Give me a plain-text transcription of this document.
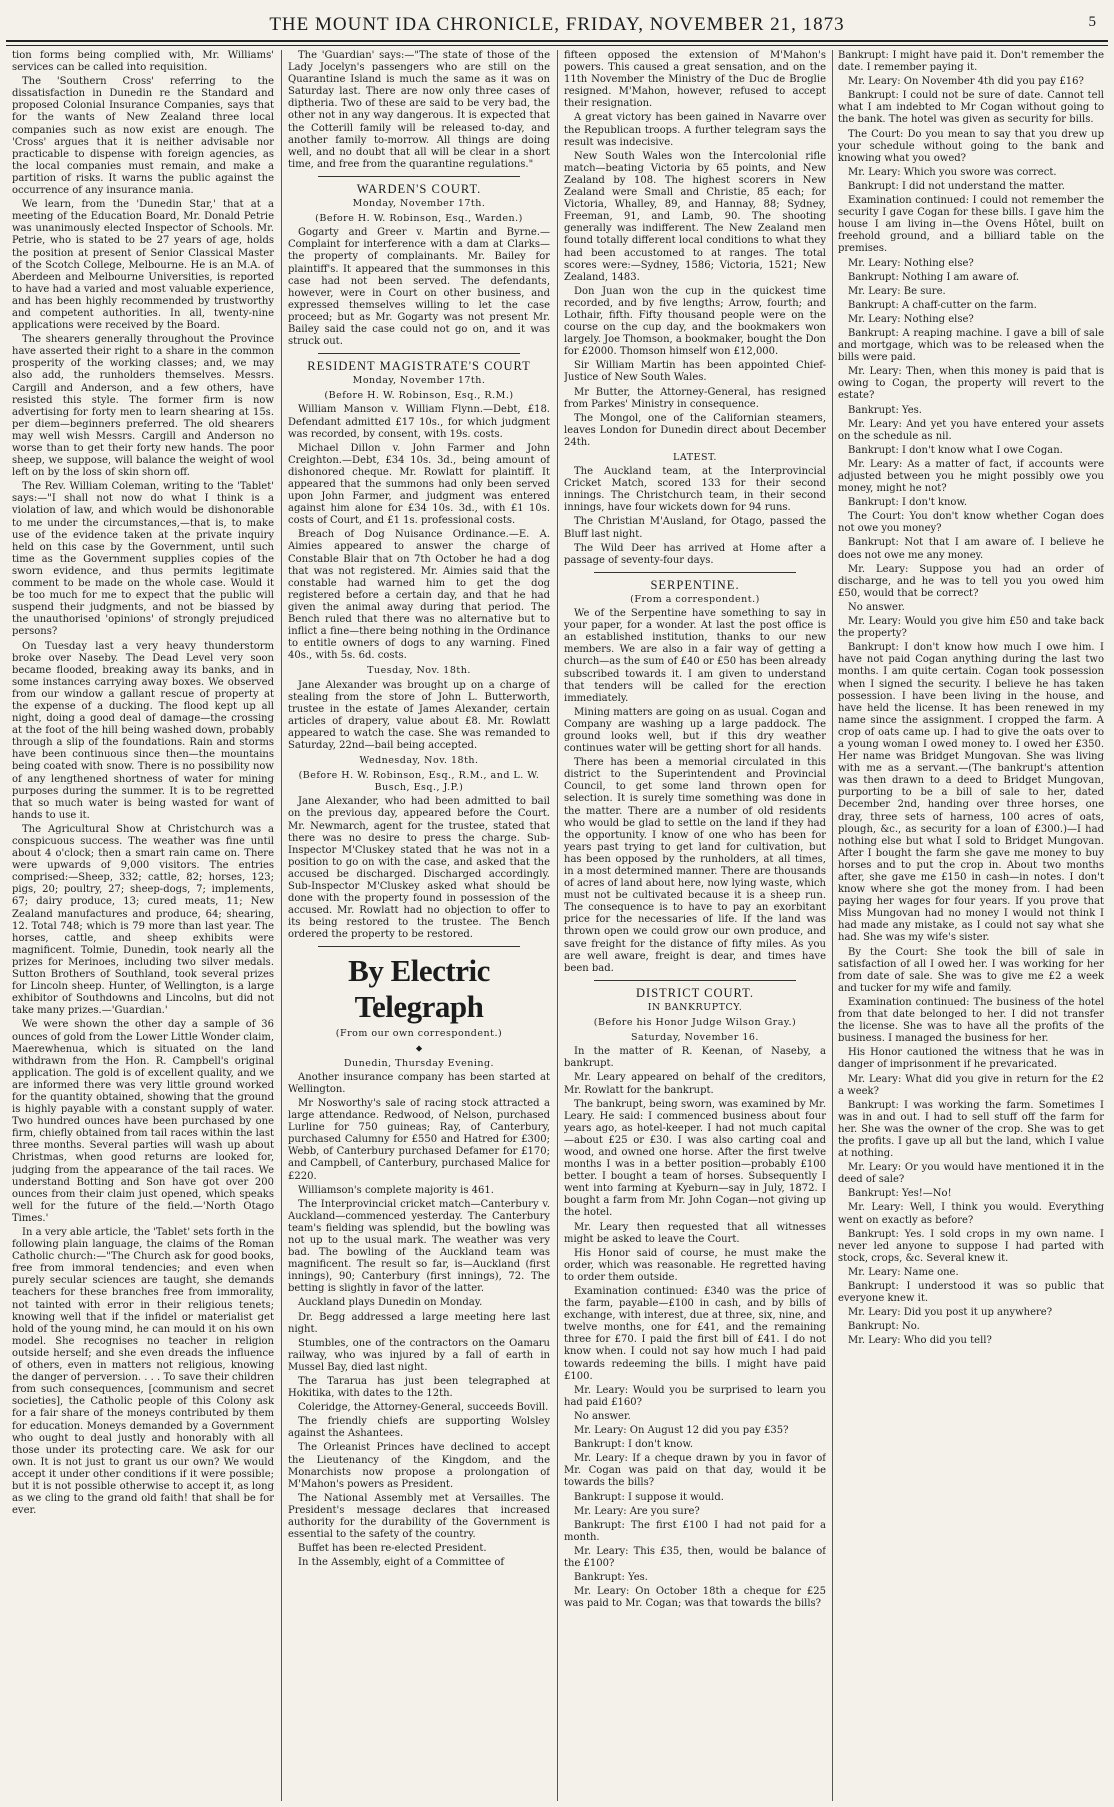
THE MOUNT IDA CHRONICLE, FRIDAY, NOVEMBER 21, 1873	5

tion forms being complied with, Mr. Williams' services can be called into requisition.

The 'Southern Cross' referring to the dissatisfaction in Dunedin re the Standard and proposed Colonial Insurance Companies, says that for the wants of New Zealand three local companies such as now exist are enough. The 'Cross' argues that it is neither advisable nor practicable to dispense with foreign agencies, as the local companies must remain, and make a partition of risks. It warns the public against the occurrence of any insurance mania.

We learn, from the 'Dunedin Star,' that at a meeting of the Education Board, Mr. Donald Petrie was unanimously elected Inspector of Schools. Mr. Petrie, who is stated to be 27 years of age, holds the position at present of Senior Classical Master of the Scotch College, Melbourne. He is an M.A. of Aberdeen and Melbourne Universities, is reported to have had a varied and most valuable experience, and has been highly recommended by trustworthy and competent authorities. In all, twenty-nine applications were received by the Board.

The shearers generally throughout the Province have asserted their right to a share in the common prosperity of the working classes; and, we may also add, the runholders themselves. Messrs. Cargill and Anderson, and a few others, have resisted this style. The former firm is now advertising for forty men to learn shearing at 15s. per diem—beginners preferred. The old shearers may well wish Messrs. Cargill and Anderson no worse than to get their forty new hands. The poor sheep, we suppose, will balance the weight of wool left on by the loss of skin shorn off.

The Rev. William Coleman, writing to the 'Tablet' says:—"I shall not now do what I think is a violation of law, and which would be dishonorable to me under the circumstances,—that is, to make use of the evidence taken at the private inquiry held on this case by the Government, until such time as the Government supplies copies of the sworn evidence, and thus permits legitimate comment to be made on the whole case. Would it be too much for me to expect that the public will suspend their judgments, and not be biassed by the unauthorised 'opinions' of strongly prejudiced persons?

On Tuesday last a very heavy thunderstorm broke over Naseby. The Dead Level very soon became flooded, breaking away its banks, and in some instances carrying away boxes. We observed from our window a gallant rescue of property at the expense of a ducking. The flood kept up all night, doing a good deal of damage—the crossing at the foot of the hill being washed down, probably through a slip of the foundations. Rain and storms have been continuous since then—the mountains being coated with snow. There is no possibility now of any lengthened shortness of water for mining purposes during the summer. It is to be regretted that so much water is being wasted for want of hands to use it.

The Agricultural Show at Christchurch was a conspicuous success. The weather was fine until about 4 o'clock; then a smart rain came on. There were upwards of 9,000 visitors. The entries comprised:—Sheep, 332; cattle, 82; horses, 123; pigs, 20; poultry, 27; sheep-dogs, 7; implements, 67; dairy produce, 13; cured meats, 11; New Zealand manufactures and produce, 64; shearing, 12. Total 748; which is 79 more than last year. The horses, cattle, and sheep exhibits were magnificent. Tolmie, Dunedin, took nearly all the prizes for Merinoes, including two silver medals. Sutton Brothers of Southland, took several prizes for Lincoln sheep. Hunter, of Wellington, is a large exhibitor of Southdowns and Lincolns, but did not take many prizes.—'Guardian.'

We were shown the other day a sample of 36 ounces of gold from the Lower Little Wonder claim, Maerewhenua, which is situated on the land withdrawn from the Hon. R. Campbell's original application. The gold is of excellent quality, and we are informed there was very little ground worked for the quantity obtained, showing that the ground is highly payable with a constant supply of water. Two hundred ounces have been purchased by one firm, chiefly obtained from tail races within the last three months. Several parties will wash up about Christmas, when good returns are looked for, judging from the appearance of the tail races. We understand Botting and Son have got over 200 ounces from their claim just opened, which speaks well for the future of the field.—'North Otago Times.'

In a very able article, the 'Tablet' sets forth in the following plain language, the claims of the Roman Catholic church:—"The Church ask for good books, free from immoral tendencies; and even when purely secular sciences are taught, she demands teachers for these branches free from immorality, not tainted with error in their religious tenets; knowing well that if the infidel or materialist get hold of the young mind, he can mould it on his own model. She recognises no teacher in religion outside herself; and she even dreads the influence of others, even in matters not religious, knowing the danger of perversion. . . . To save their children from such consequences, [communism and secret societies], the Catholic people of this Colony ask for a fair share of the moneys contributed by them for education. Moneys demanded by a Government who ought to deal justly and honorably with all those under its protecting care. We ask for our own. It is not just to grant us our own? We would accept it under other conditions if it were possible; but it is not possible otherwise to accept it, as long as we cling to the grand old faith! that shall be for ever.

The 'Guardian' says:—"The state of those of the Lady Jocelyn's passengers who are still on the Quarantine Island is much the same as it was on Saturday last. There are now only three cases of diptheria. Two of these are said to be very bad, the other not in any way dangerous. It is expected that the Cotterill family will be released to-day, and another family to-morrow. All things are doing well, and no doubt that all will be clear in a short time, and free from the quarantine regulations."

WARDEN'S COURT.
Monday, November 17th.
(Before H. W. Robinson, Esq., Warden.)

Gogarty and Greer v. Martin and Byrne.—Complaint for interference with a dam at Clarks—the property of complainants. Mr. Bailey for plaintiff's. It appeared that the summonses in this case had not been served. The defendants, however, were in Court on other business, and expressed themselves willing to let the case proceed; but as Mr. Gogarty was not present Mr. Bailey said the case could not go on, and it was struck out.

RESIDENT MAGISTRATE'S COURT
Monday, November 17th.
(Before H. W. Robinson, Esq., R.M.)

William Manson v. William Flynn.—Debt, £18. Defendant admitted £17 10s., for which judgment was recorded, by consent, with 19s. costs.

Michael Dillon v. John Farmer and John Creighton.—Debt, £34 10s. 3d., being amount of dishonored cheque. Mr. Rowlatt for plaintiff. It appeared that the summons had only been served upon John Farmer, and judgment was entered against him alone for £34 10s. 3d., with £1 10s. costs of Court, and £1 1s. professional costs.

Breach of Dog Nuisance Ordinance.—E. A. Aimies appeared to answer the charge of Constable Blair that on 7th October he had a dog that was not registered. Mr. Aimies said that the constable had warned him to get the dog registered before a certain day, and that he had given the animal away during that period. The Bench ruled that there was no alternative but to inflict a fine—there being nothing in the Ordinance to entitle owners of dogs to any warning. Fined 40s., with 5s. 6d. costs.

Tuesday, Nov. 18th.

Jane Alexander was brought up on a charge of stealing from the store of John L. Butterworth, trustee in the estate of James Alexander, certain articles of drapery, value about £8. Mr. Rowlatt appeared to watch the case. She was remanded to Saturday, 22nd—bail being accepted.

Wednesday, Nov. 18th.
(Before H. W. Robinson, Esq., R.M., and L. W. Busch, Esq., J.P.)

Jane Alexander, who had been admitted to bail on the previous day, appeared before the Court. Mr. Newmarch, agent for the trustee, stated that there was no desire to press the charge. Sub-Inspector M'Cluskey stated that he was not in a position to go on with the case, and asked that the accused be discharged. Discharged accordingly. Sub-Inspector M'Cluskey asked what should be done with the property found in possession of the accused. Mr. Rowlatt had no objection to offer to its being restored to the trustee. The Bench ordered the property to be restored.

By Electric Telegraph
(From our own correspondent.)
⬥
Dunedin, Thursday Evening.

Another insurance company has been started at Wellington.

Mr Nosworthy's sale of racing stock attracted a large attendance. Redwood, of Nelson, purchased Lurline for 750 guineas; Ray, of Canterbury, purchased Calumny for £550 and Hatred for £300; Webb, of Canterbury purchased Defamer for £170; and Campbell, of Canterbury, purchased Malice for £220.

Williamson's complete majority is 461.

The Interprovincial cricket match—Canterbury v. Auckland—commenced yesterday. The Canterbury team's fielding was splendid, but the bowling was not up to the usual mark. The weather was very bad. The bowling of the Auckland team was magnificent. The result so far, is—Auckland (first innings), 90; Canterbury (first innings), 72. The betting is slightly in favor of the latter.

Auckland plays Dunedin on Monday.

Dr. Begg addressed a large meeting here last night.

Stumbles, one of the contractors on the Oamaru railway, who was injured by a fall of earth in Mussel Bay, died last night.

The Tararua has just been telegraphed at Hokitika, with dates to the 12th.

Coleridge, the Attorney-General, succeeds Bovill.

The friendly chiefs are supporting Wolsley against the Ashantees.

The Orleanist Princes have declined to accept the Lieutenancy of the Kingdom, and the Monarchists now propose a prolongation of M'Mahon's powers as President.

The National Assembly met at Versailles. The President's message declares that increased authority for the durability of the Government is essential to the safety of the country.

Buffet has been re-elected President.

In the Assembly, eight of a Committee of

fifteen opposed the extension of M'Mahon's powers. This caused a great sensation, and on the 11th November the Ministry of the Duc de Broglie resigned. M'Mahon, however, refused to accept their resignation.

A great victory has been gained in Navarre over the Republican troops. A further telegram says the result was indecisive.

New South Wales won the Intercolonial rifle match—beating Victoria by 65 points, and New Zealand by 108. The highest scorers in New Zealand were Small and Christie, 85 each; for Victoria, Whalley, 89, and Hannay, 88; Sydney, Freeman, 91, and Lamb, 90. The shooting generally was indifferent. The New Zealand men found totally different local conditions to what they had been accustomed to at ranges. The total scores were:—Sydney, 1586; Victoria, 1521; New Zealand, 1483.

Don Juan won the cup in the quickest time recorded, and by five lengths; Arrow, fourth; and Lothair, fifth. Fifty thousand people were on the course on the cup day, and the bookmakers won largely. Joe Thomson, a bookmaker, bought the Don for £2000. Thomson himself won £12,000.

Sir William Martin has been appointed Chief-Justice of New South Wales.

Mr Butter, the Attorney-General, has resigned from Parkes' Ministry in consequence.

The Mongol, one of the Californian steamers, leaves London for Dunedin direct about December 24th.

LATEST.

The Auckland team, at the Interprovincial Cricket Match, scored 133 for their second innings. The Christchurch team, in their second innings, have four wickets down for 94 runs.

The Christian M'Ausland, for Otago, passed the Bluff last night.

The Wild Deer has arrived at Home after a passage of seventy-four days.

SERPENTINE.
(From a correspondent.)

We of the Serpentine have something to say in your paper, for a wonder. At last the post office is an established institution, thanks to our new members. We are also in a fair way of getting a church—as the sum of £40 or £50 has been already subscribed towards it. I am given to understand that tenders will be called for the erection immediately.

Mining matters are going on as usual. Cogan and Company are washing up a large paddock. The ground looks well, but if this dry weather continues water will be getting short for all hands.

There has been a memorial circulated in this district to the Superintendent and Provincial Council, to get some land thrown open for selection. It is surely time something was done in the matter. There are a number of old residents who would be glad to settle on the land if they had the opportunity. I know of one who has been for years past trying to get land for cultivation, but has been opposed by the runholders, at all times, in a most determined manner. There are thousands of acres of land about here, now lying waste, which must not be cultivated because it is a sheep run. The consequence is to have to pay an exorbitant price for the necessaries of life. If the land was thrown open we could grow our own produce, and save freight for the distance of fifty miles. As you are well aware, freight is dear, and times have been bad.

DISTRICT COURT.
IN BANKRUPTCY.
(Before his Honor Judge Wilson Gray.)
Saturday, November 16.

In the matter of R. Keenan, of Naseby, a bankrupt.

Mr. Leary appeared on behalf of the creditors, Mr. Rowlatt for the bankrupt.

The bankrupt, being sworn, was examined by Mr. Leary. He said: I commenced business about four years ago, as hotel-keeper. I had not much capital—about £25 or £30. I was also carting coal and wood, and owned one horse. After the first twelve months I was in a better position—probably £100 better. I bought a team of horses. Subsequently I went into farming at Kyeburn—say in July, 1872. I bought a farm from Mr. John Cogan—not giving up the hotel.

Mr. Leary then requested that all witnesses might be asked to leave the Court.

His Honor said of course, he must make the order, which was reasonable. He regretted having to order them outside.

Examination continued: £340 was the price of the farm, payable—£100 in cash, and by bills of exchange, with interest, due at three, six, nine, and twelve months, one for £41, and the remaining three for £70. I paid the first bill of £41. I do not know when. I could not say how much I had paid towards redeeming the bills. I might have paid £100.

Mr. Leary: Would you be surprised to learn you had paid £160?

No answer.

Mr. Leary: On August 12 did you pay £35?

Bankrupt: I don't know.

Mr. Leary: If a cheque drawn by you in favor of Mr. Cogan was paid on that day, would it be towards the bills?

Bankrupt: I suppose it would.

Mr. Leary: Are you sure?

Bankrupt: The first £100 I had not paid for a month.

Mr. Leary: This £35, then, would be balance of the £100?

Bankrupt: Yes.

Mr. Leary: On October 18th a cheque for £25 was paid to Mr. Cogan; was that towards the bills?

Bankrupt: I might have paid it. Don't remember the date. I remember paying it.

Mr. Leary: On November 4th did you pay £16?

Bankrupt: I could not be sure of date. Cannot tell what I am indebted to Mr Cogan without going to the bank. The hotel was given as security for bills.

The Court: Do you mean to say that you drew up your schedule without going to the bank and knowing what you owed?

Mr. Leary: Which you swore was correct.

Bankrupt: I did not understand the matter.

Examination continued: I could not remember the security I gave Cogan for these bills. I gave him the house I am living in—the Ovens Hôtel, built on freehold ground, and a billiard table on the premises.

Mr. Leary: Nothing else?

Bankrupt: Nothing I am aware of.

Mr. Leary: Be sure.

Bankrupt: A chaff-cutter on the farm.

Mr. Leary: Nothing else?

Bankrupt: A reaping machine. I gave a bill of sale and mortgage, which was to be released when the bills were paid.

Mr. Leary: Then, when this money is paid that is owing to Cogan, the property will revert to the estate?

Bankrupt: Yes.

Mr. Leary: And yet you have entered your assets on the schedule as nil.

Bankrupt: I don't know what I owe Cogan.

Mr. Leary: As a matter of fact, if accounts were adjusted between you he might possibly owe you money, might he not?

Bankrupt: I don't know.

The Court: You don't know whether Cogan does not owe you money?

Bankrupt: Not that I am aware of. I believe he does not owe me any money.

Mr. Leary: Suppose you had an order of discharge, and he was to tell you you owed him £50, would that be correct?

No answer.

Mr. Leary: Would you give him £50 and take back the property?

Bankrupt: I don't know how much I owe him. I have not paid Cogan anything during the last two months. I am quite certain. Cogan took possession when I signed the security. I believe he has taken possession. I have been living in the house, and have held the license. It has been renewed in my name since the assignment. I cropped the farm. A crop of oats came up. I had to give the oats over to a young woman I owed money to. I owed her £350. Her name was Bridget Mungovan. She was living with me as a servant.—(The bankrupt's attention was then drawn to a deed to Bridget Mungovan, purporting to be a bill of sale to her, dated December 2nd, handing over three horses, one dray, three sets of harness, 100 acres of oats, plough, &c., as security for a loan of £300.)—I had nothing else but what I sold to Bridget Mungovan. After I bought the farm she gave me money to buy horses and to put the crop in. About two months after, she gave me £150 in cash—in notes. I don't know where she got the money from. I had been paying her wages for four years. If you prove that Miss Mungovan had no money I would not think I had made any mistake, as I could not say what she had. She was my wife's sister.

By the Court: She took the bill of sale in satisfaction of all I owed her. I was working for her from date of sale. She was to give me £2 a week and tucker for my wife and family.

Examination continued: The business of the hotel from that date belonged to her. I did not transfer the license. She was to have all the profits of the business. I managed the business for her.

His Honor cautioned the witness that he was in danger of imprisonment if he prevaricated.

Mr. Leary: What did you give in return for the £2 a week?

Bankrupt: I was working the farm. Sometimes I was in and out. I had to sell stuff off the farm for her. She was the owner of the crop. She was to get the profits. I gave up all but the land, which I value at nothing.

Mr. Leary: Or you would have mentioned it in the deed of sale?

Bankrupt: Yes!—No!

Mr. Leary: Well, I think you would. Everything went on exactly as before?

Bankrupt: Yes. I sold crops in my own name. I never led anyone to suppose I had parted with stock, crops, &c. Several knew it.

Mr. Leary: Name one.

Bankrupt: I understood it was so public that everyone knew it.

Mr. Leary: Did you post it up anywhere?

Bankrupt: No.

Mr. Leary: Who did you tell?
